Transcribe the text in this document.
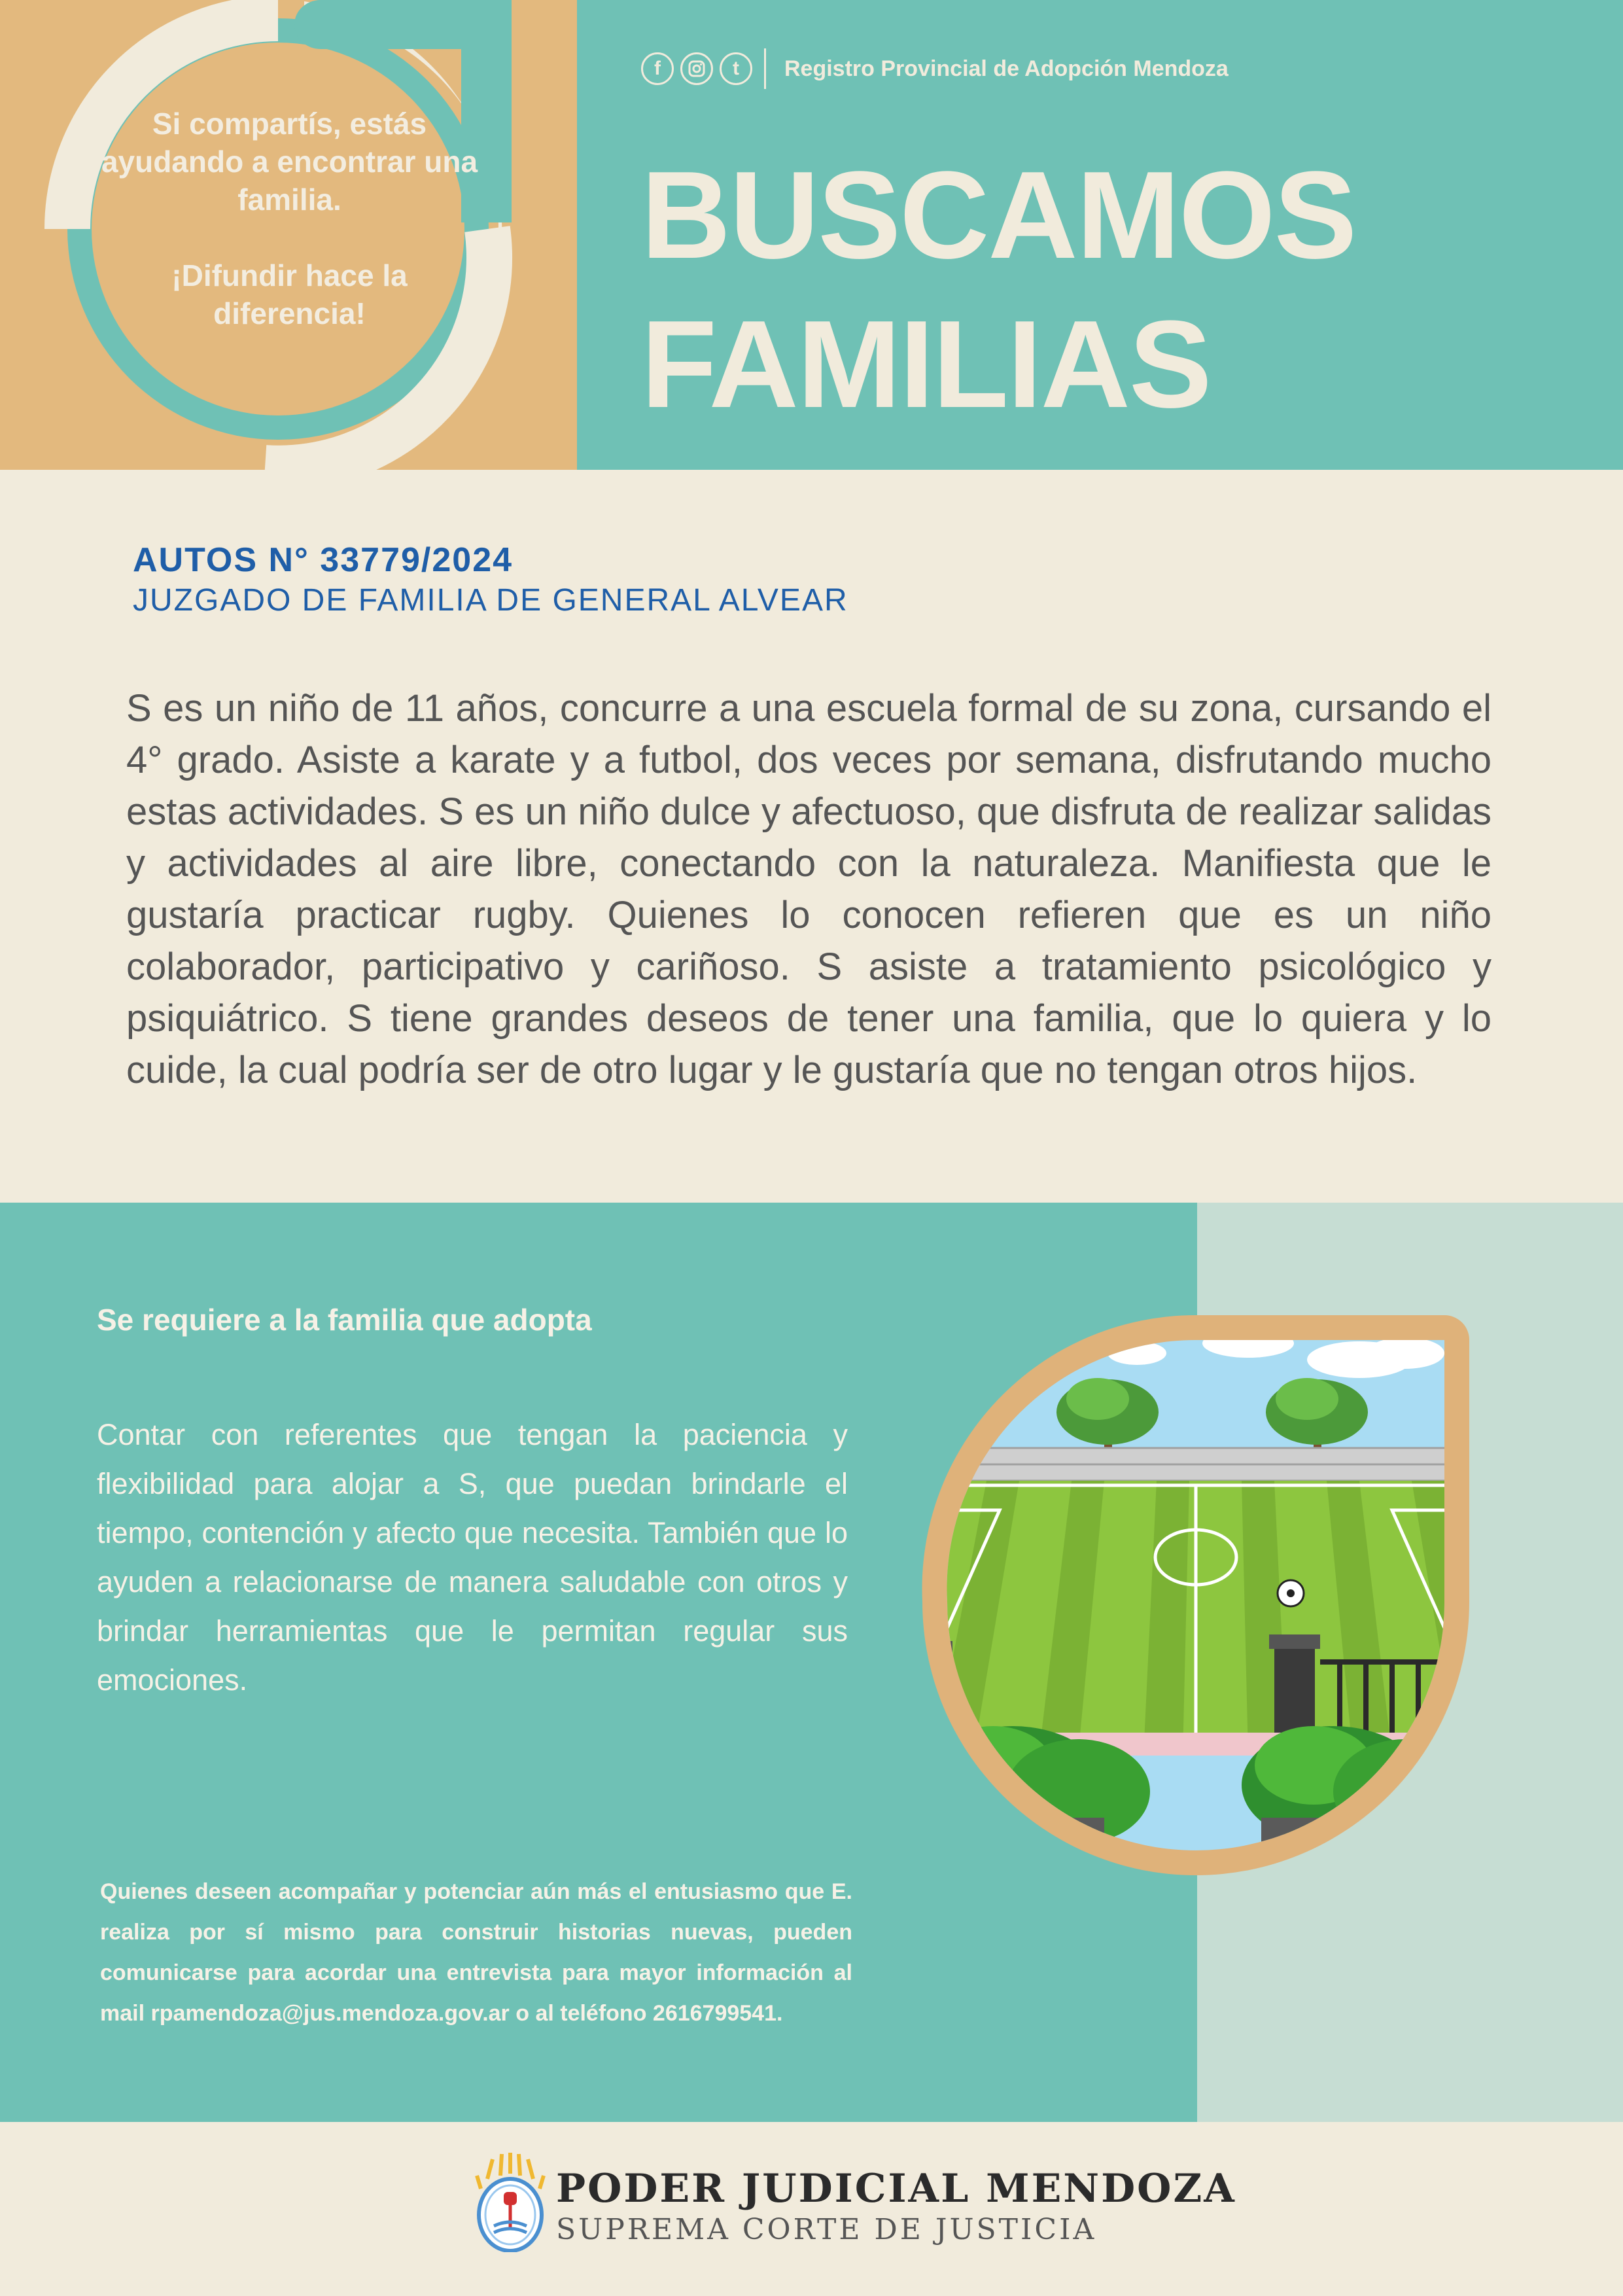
Si compartís, estás ayudando a encontrar una familia.
¡Difundir hace la diferencia!
f	t	Registro Provincial de Adopción Mendoza
BUSCAMOS
FAMILIAS
AUTOS N° 33779/2024
JUZGADO DE FAMILIA DE GENERAL ALVEAR
S es un niño de 11 años, concurre a una escuela formal de su zona, cursando el 4° grado. Asiste a karate y a futbol, dos veces por semana, disfrutando mucho estas actividades. S es un niño dulce y afectuoso, que disfruta de realizar salidas y actividades al aire libre, conectando con la naturaleza. Manifiesta que le gustaría practicar rugby. Quienes lo conocen refieren que es un niño colaborador, participativo y cariñoso. S asiste a tratamiento psicológico y psiquiátrico. S tiene grandes deseos de tener una familia, que lo quiera y lo cuide, la cual podría ser de otro lugar y le gustaría que no tengan otros hijos.
Se requiere a la familia que adopta
Contar con referentes que tengan la paciencia y flexibilidad para alojar a S, que puedan brindarle el tiempo, contención y afecto que necesita. También que lo ayuden a relacionarse de manera saludable con otros y brindar herramientas que le permitan regular sus emociones.
Quienes deseen acompañar y potenciar aún más el entusiasmo que E. realiza por sí mismo para construir historias nuevas, pueden comunicarse para acordar una entrevista para mayor información al mail rpamendoza@jus.mendoza.gov.ar o al teléfono 2616799541.
PODER JUDICIAL MENDOZA
SUPREMA CORTE DE JUSTICIA
